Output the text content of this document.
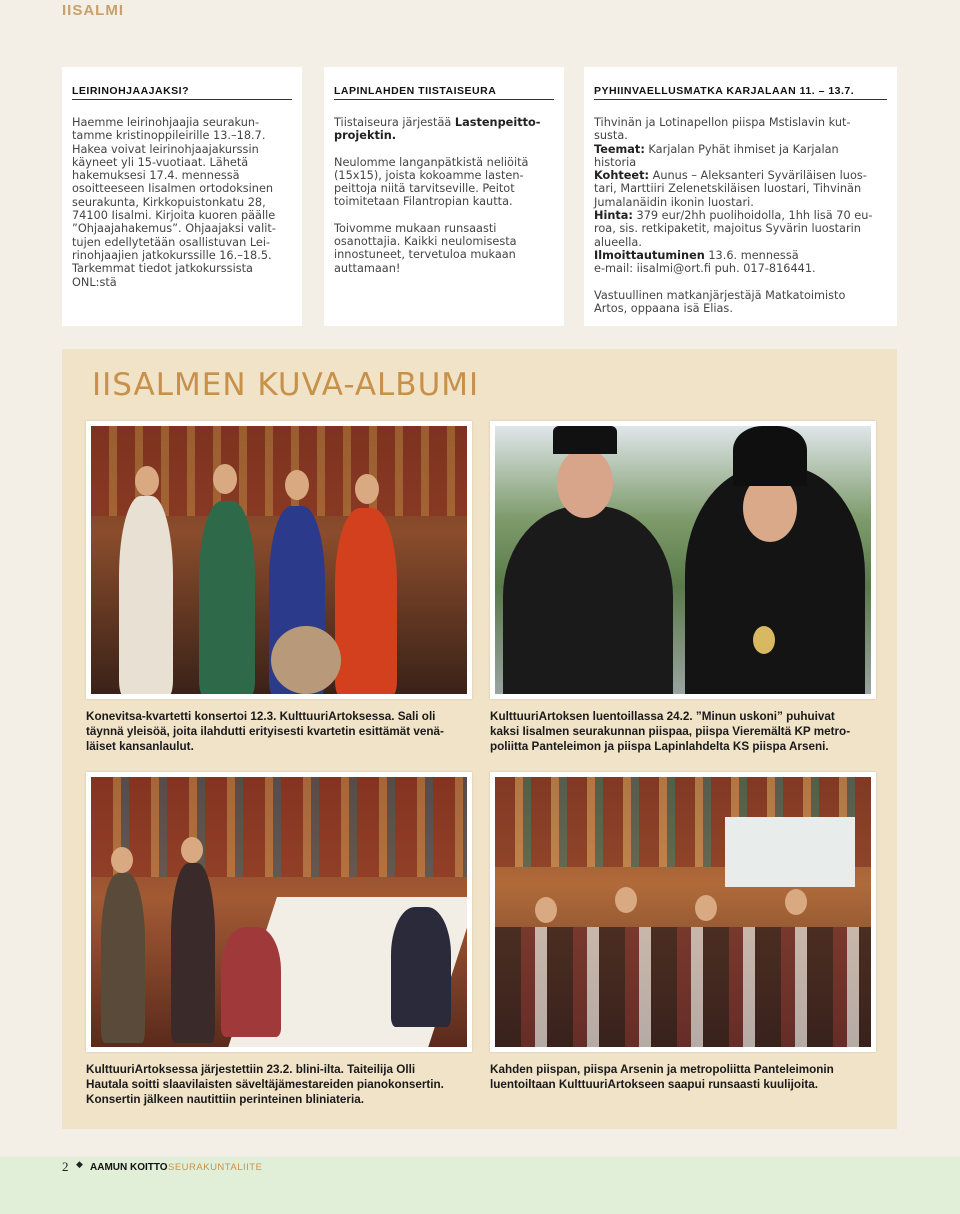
IISALMI
LEIRINOHJAAJAKSI?
Haemme leirinohjaajia seurakun-
tamme kristinoppileirille 13.–18.7.
Hakea voivat leirinohjaajakurssin
käyneet yli 15-vuotiaat. Lähetä
hakemuksesi 17.4. mennessä
osoitteeseen Iisalmen ortodoksinen
seurakunta, Kirkkopuistonkatu 28,
74100 Iisalmi. Kirjoita kuoren päälle
”Ohjaajahakemus”. Ohjaajaksi valit-
tujen edellytetään osallistuvan Lei-
rinohjaajien jatkokurssille 16.–18.5.
Tarkemmat tiedot jatkokurssista
ONL:stä
LAPINLAHDEN TIISTAISEURA

Tiistaiseura järjestää Lastenpeitto-
projektin.

Neulomme langanpätkistä neliöitä
(15x15), joista kokoamme lasten-
peittoja niitä tarvitseville. Peitot
toimitetaan Filantropian kautta.

Toivomme mukaan runsaasti
osanottajia. Kaikki neulomisesta
innostuneet, tervetuloa mukaan
auttamaan!

PYHIINVAELLUSMATKA KARJALAAN 11. – 13.7.

Tihvinän ja Lotinapellon piispa Mstislavin kut-
susta.
Teemat: Karjalan Pyhät ihmiset ja Karjalan
historia
Kohteet: Aunus – Aleksanteri Syväriläisen luos-
tari, Marttiiri Zelenetskiläisen luostari, Tihvinän
Jumalanäidin ikonin luostari.
Hinta: 379 eur/2hh puolihoidolla, 1hh lisä 70 eu-
roa, sis. retkipaketit, majoitus Syvärin luostarin
alueella.
Ilmoittautuminen 13.6. mennessä
e-mail: iisalmi@ort.fi puh. 017-816441.

Vastuullinen matkanjärjestäjä Matkatoimisto
Artos, oppaana isä Elias.

IISALMEN KUVA-ALBUMI
Konevitsa-kvartetti konsertoi 12.3. KulttuuriArtoksessa. Sali oli
täynnä yleisöä, joita ilahdutti erityisesti kvartetin esittämät venä-
läiset kansanlaulut.
KulttuuriArtoksen luentoillassa 24.2. ”Minun uskoni” puhuivat
kaksi Iisalmen seurakunnan piispaa, piispa Vieremältä KP metro-
poliitta Panteleimon ja piispa Lapinlahdelta KS piispa Arseni.
KulttuuriArtoksessa järjestettiin 23.2. blini-ilta. Taiteilija Olli
Hautala soitti slaavilaisten säveltäjämestareiden pianokonsertin.
Konsertin jälkeen nautittiin perinteinen bliniateria.
Kahden piispan, piispa Arsenin ja metropoliitta Panteleimonin
luentoiltaan KulttuuriArtokseen saapui runsaasti kuulijoita.
2 ◆ AAMUN KOITTO SEURAKUNTALIITE
